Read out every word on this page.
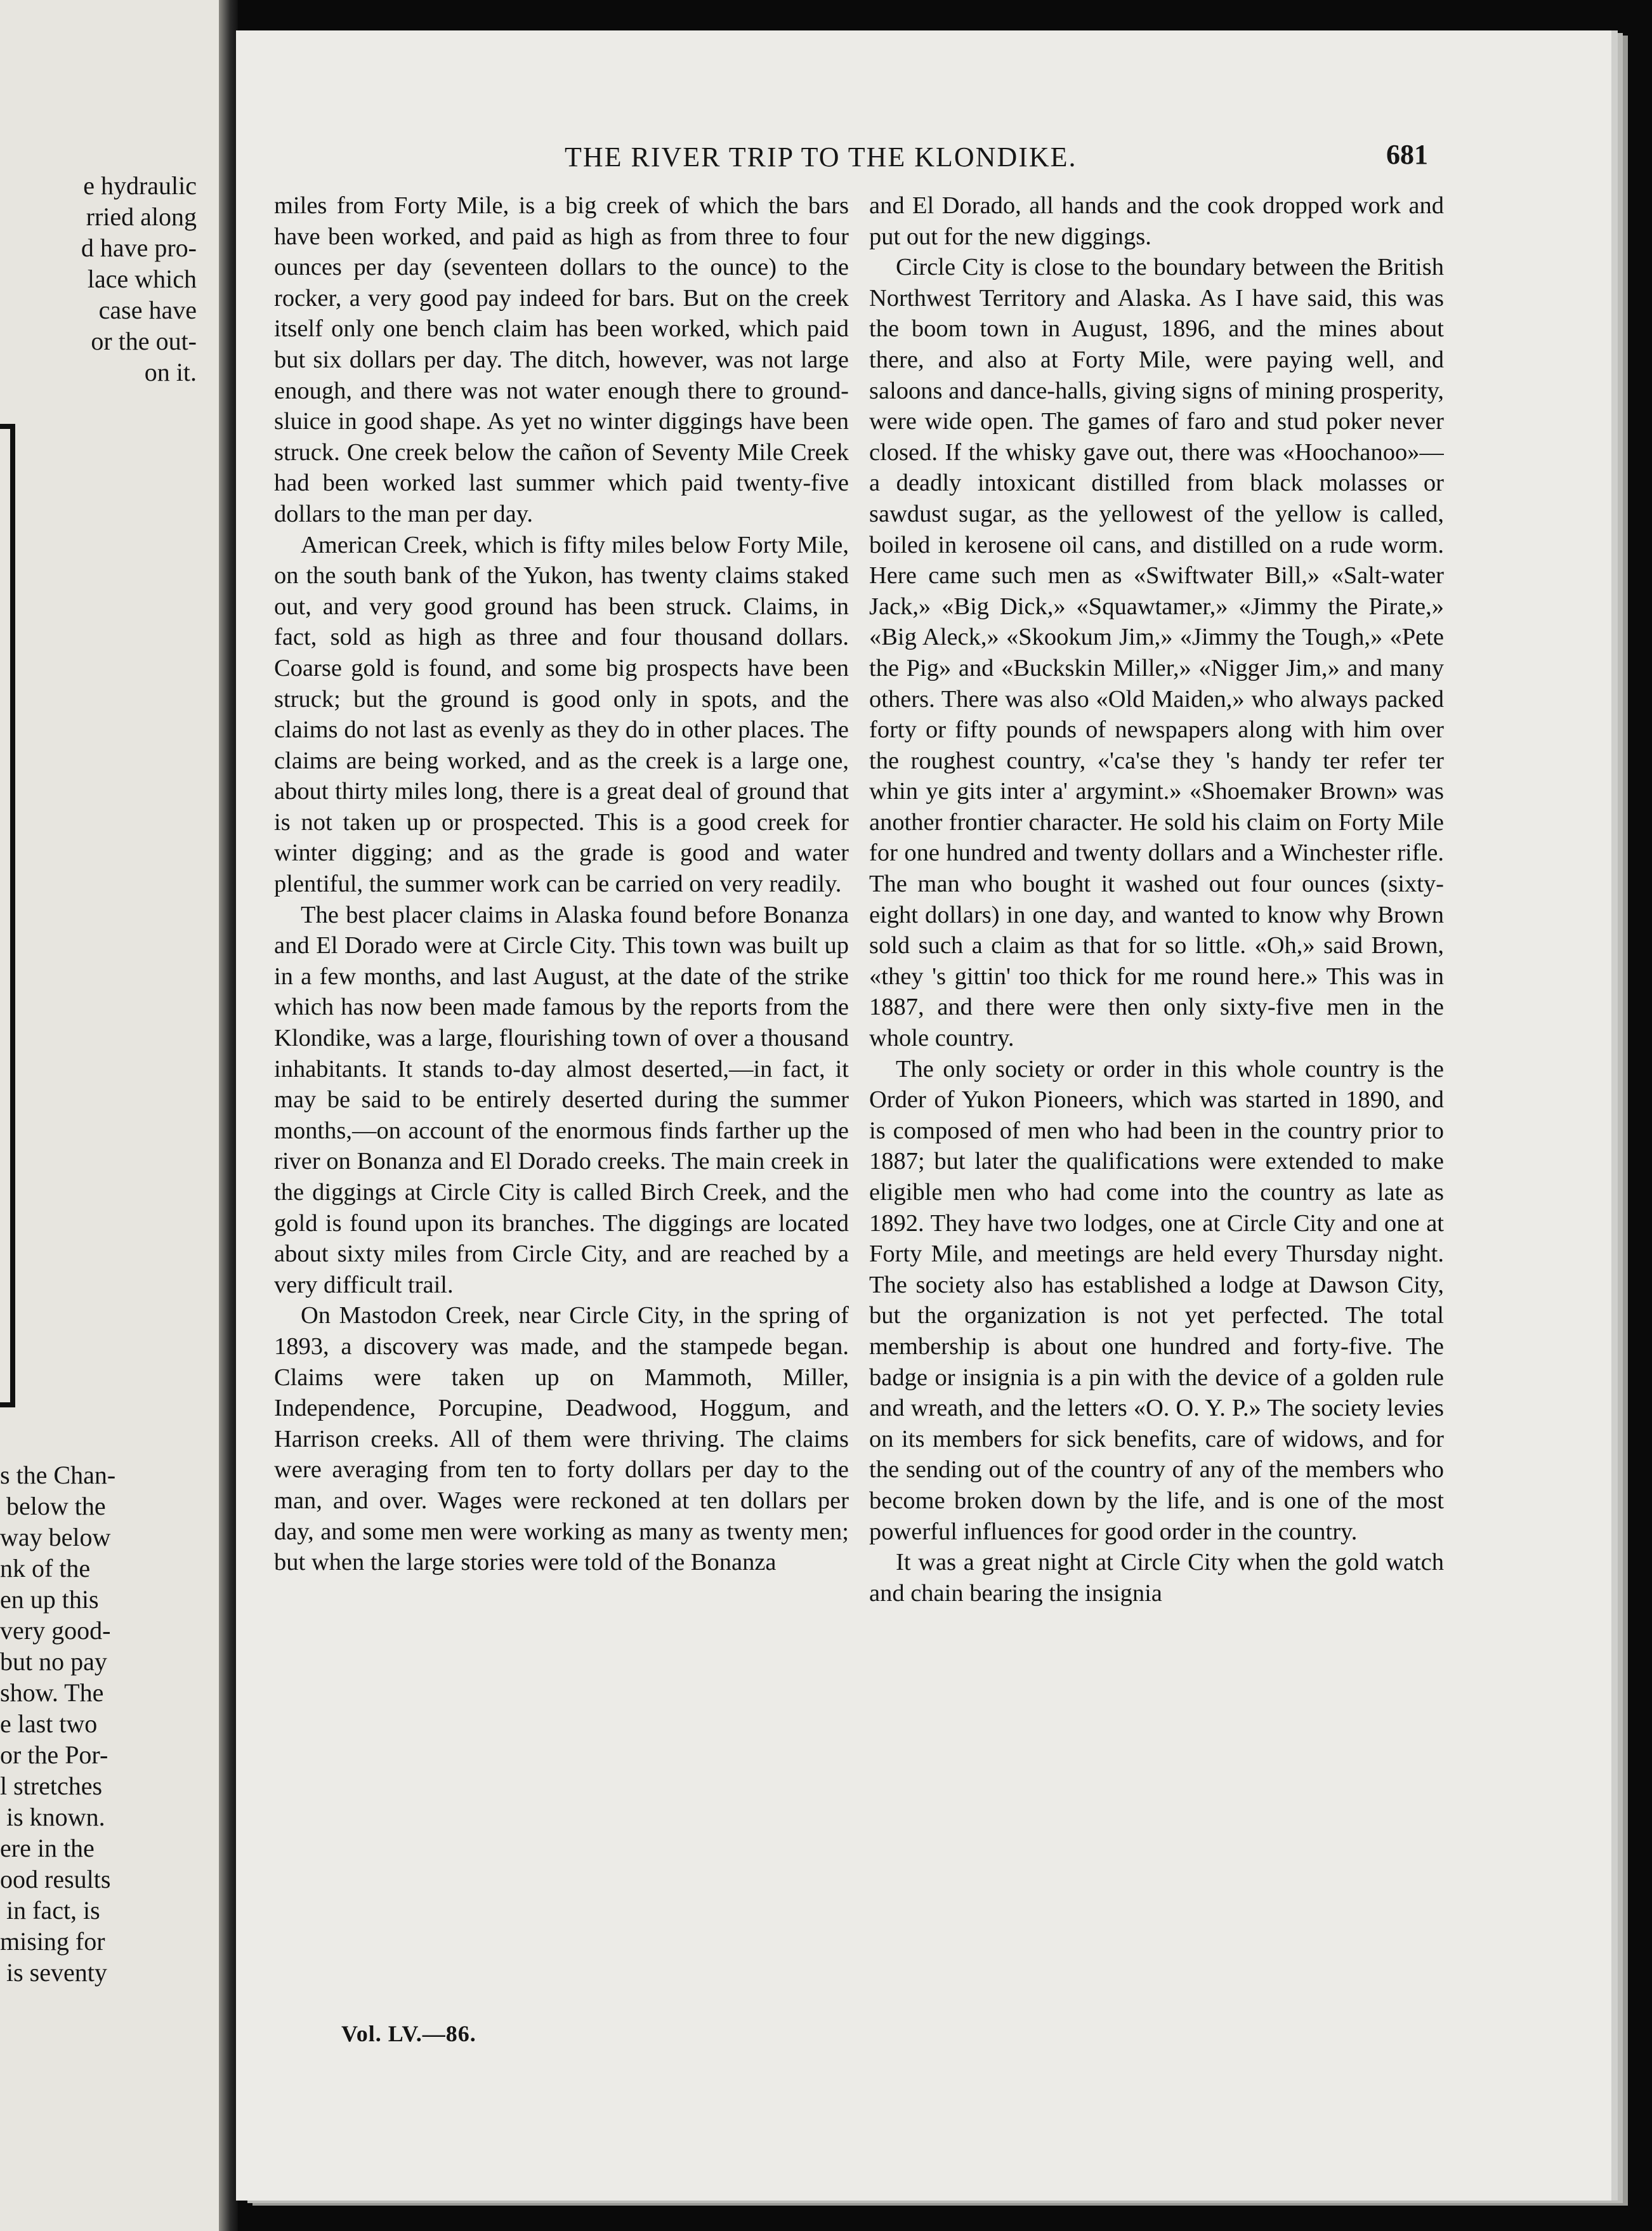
e hydraulic
rried along
d have pro-
lace which
case have
or the out-
on it.
s the Chan-
below the
way below
nk of the
en up this
very good-
but no pay
show. The
e last two
or the Por-
l stretches
is known.
ere in the
ood results
in fact, is
mising for
is seventy
THE RIVER TRIP TO THE KLONDIKE.	681

miles from Forty Mile, is a big creek of which the bars have been worked, and paid as high as from three to four ounces per day (seventeen dollars to the ounce) to the rocker, a very good pay indeed for bars. But on the creek itself only one bench claim has been worked, which paid but six dollars per day. The ditch, however, was not large enough, and there was not water enough there to ground-sluice in good shape. As yet no winter diggings have been struck. One creek below the cañon of Seventy Mile Creek had been worked last summer which paid twenty-five dollars to the man per day.

American Creek, which is fifty miles below Forty Mile, on the south bank of the Yukon, has twenty claims staked out, and very good ground has been struck. Claims, in fact, sold as high as three and four thousand dollars. Coarse gold is found, and some big prospects have been struck; but the ground is good only in spots, and the claims do not last as evenly as they do in other places. The claims are being worked, and as the creek is a large one, about thirty miles long, there is a great deal of ground that is not taken up or prospected. This is a good creek for winter digging; and as the grade is good and water plentiful, the summer work can be carried on very readily.

The best placer claims in Alaska found before Bonanza and El Dorado were at Circle City. This town was built up in a few months, and last August, at the date of the strike which has now been made famous by the reports from the Klondike, was a large, flourishing town of over a thousand inhabitants. It stands to-day almost deserted,—in fact, it may be said to be entirely deserted during the summer months,—on account of the enormous finds farther up the river on Bonanza and El Dorado creeks. The main creek in the diggings at Circle City is called Birch Creek, and the gold is found upon its branches. The diggings are located about sixty miles from Circle City, and are reached by a very difficult trail.

On Mastodon Creek, near Circle City, in the spring of 1893, a discovery was made, and the stampede began. Claims were taken up on Mammoth, Miller, Independence, Porcupine, Deadwood, Hoggum, and Harrison creeks. All of them were thriving. The claims were averaging from ten to forty dollars per day to the man, and over. Wages were reckoned at ten dollars per day, and some men were working as many as twenty men; but when the large stories were told of the Bonanza

and El Dorado, all hands and the cook dropped work and put out for the new diggings.

Circle City is close to the boundary between the British Northwest Territory and Alaska. As I have said, this was the boom town in August, 1896, and the mines about there, and also at Forty Mile, were paying well, and saloons and dance-halls, giving signs of mining prosperity, were wide open. The games of faro and stud poker never closed. If the whisky gave out, there was «Hoochanoo»—a deadly intoxicant distilled from black molasses or sawdust sugar, as the yellowest of the yellow is called, boiled in kerosene oil cans, and distilled on a rude worm. Here came such men as «Swiftwater Bill,» «Salt-water Jack,» «Big Dick,» «Squawtamer,» «Jimmy the Pirate,» «Big Aleck,» «Skookum Jim,» «Jimmy the Tough,» «Pete the Pig» and «Buckskin Miller,» «Nigger Jim,» and many others. There was also «Old Maiden,» who always packed forty or fifty pounds of newspapers along with him over the roughest country, «'ca'se they 's handy ter refer ter whin ye gits inter a' argymint.» «Shoemaker Brown» was another frontier character. He sold his claim on Forty Mile for one hundred and twenty dollars and a Winchester rifle. The man who bought it washed out four ounces (sixty-eight dollars) in one day, and wanted to know why Brown sold such a claim as that for so little. «Oh,» said Brown, «they 's gittin' too thick for me round here.» This was in 1887, and there were then only sixty-five men in the whole country.

The only society or order in this whole country is the Order of Yukon Pioneers, which was started in 1890, and is composed of men who had been in the country prior to 1887; but later the qualifications were extended to make eligible men who had come into the country as late as 1892. They have two lodges, one at Circle City and one at Forty Mile, and meetings are held every Thursday night. The society also has established a lodge at Dawson City, but the organization is not yet perfected. The total membership is about one hundred and forty-five. The badge or insignia is a pin with the device of a golden rule and wreath, and the letters «O. O. Y. P.» The society levies on its members for sick benefits, care of widows, and for the sending out of the country of any of the members who become broken down by the life, and is one of the most powerful influences for good order in the country.

It was a great night at Circle City when the gold watch and chain bearing the insignia

Vol. LV.—86.
